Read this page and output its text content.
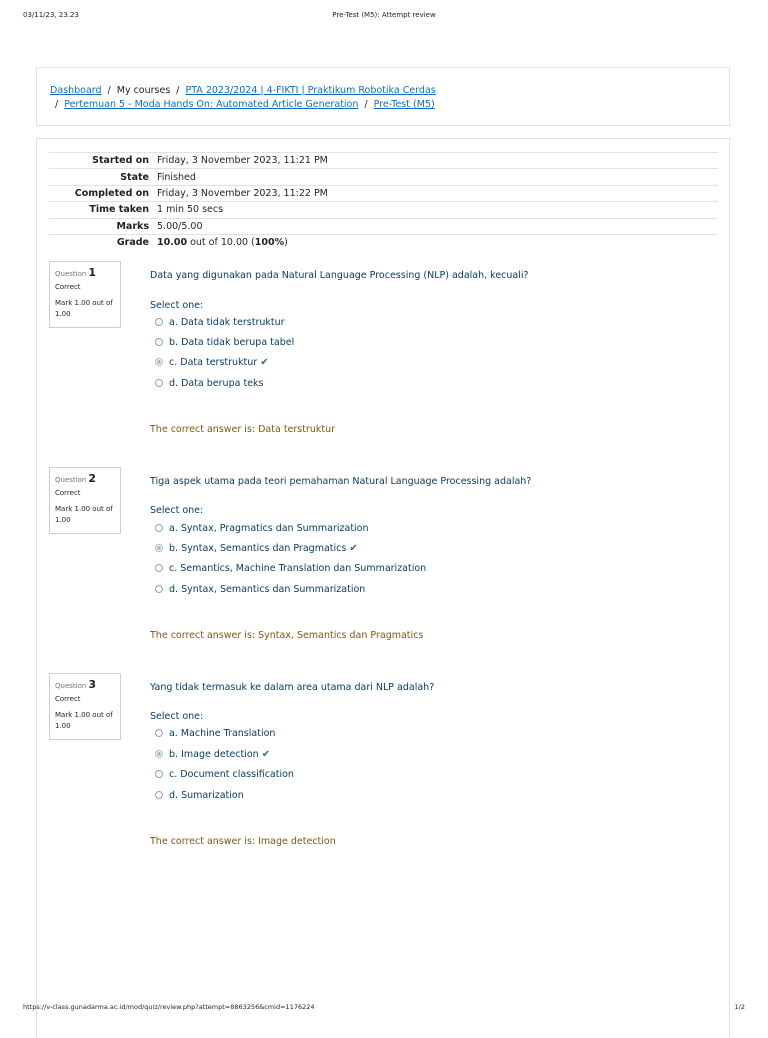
03/11/23, 23.23	Pre-Test (M5): Attempt review
Dashboard / My courses / PTA 2023/2024 | 4-FIKTI | Praktikum Robotika Cerdas
/ Pertemuan 5 - Moda Hands On: Automated Article Generation / Pre-Test (M5)
Started on	Friday, 3 November 2023, 11:21 PM
State	Finished
Completed on	Friday, 3 November 2023, 11:22 PM
Time taken	1 min 50 secs
Marks	5.00/5.00
Grade	10.00 out of 10.00 (100%)
Question 1
Correct
Mark 1.00 out of 1.00
Data yang digunakan pada Natural Language Processing (NLP) adalah, kecuali?
Select one:
a. Data tidak terstruktur
b. Data tidak berupa tabel
c. Data terstruktur ✔
d. Data berupa teks
The correct answer is: Data terstruktur
Question 2
Correct
Mark 1.00 out of 1.00
Tiga aspek utama pada teori pemahaman Natural Language Processing adalah?
Select one:
a. Syntax, Pragmatics dan Summarization
b. Syntax, Semantics dan Pragmatics ✔
c. Semantics, Machine Translation dan Summarization
d. Syntax, Semantics dan Summarization
The correct answer is: Syntax, Semantics dan Pragmatics
Question 3
Correct
Mark 1.00 out of 1.00
Yang tidak termasuk ke dalam area utama dari NLP adalah?
Select one:
a. Machine Translation
b. Image detection ✔
c. Document classification
d. Sumarization
The correct answer is: Image detection
https://v-class.gunadarma.ac.id/mod/quiz/review.php?attempt=8863256&cmid=1176224	1/2
